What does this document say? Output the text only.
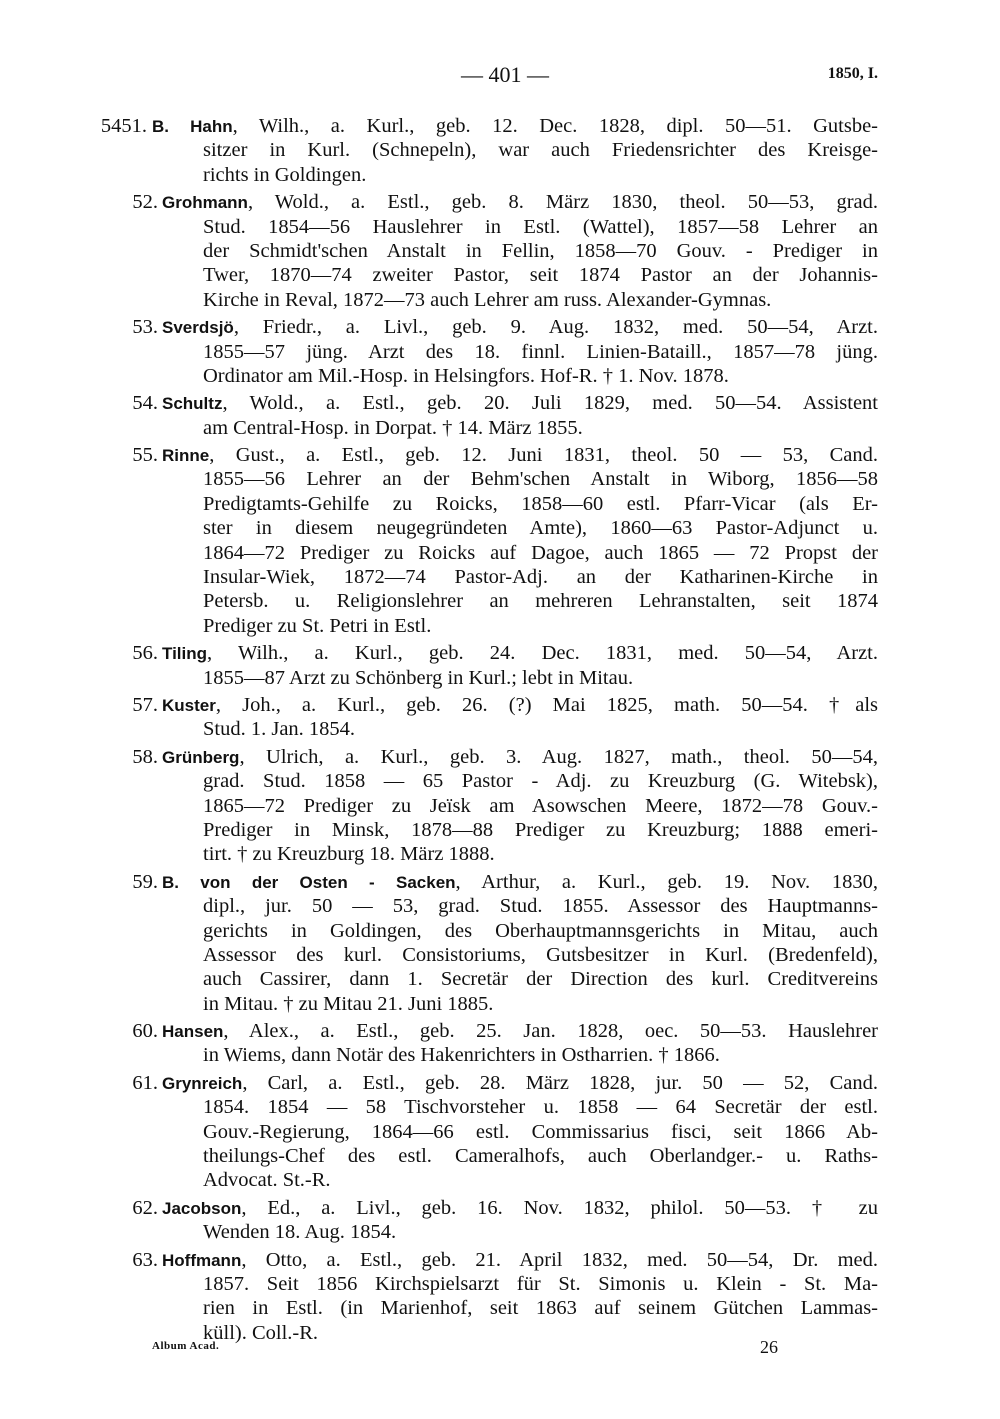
— 401 —	1850, I.
5451. B. Hahn, Wilh., a. Kurl., geb. 12. Dec. 1828, dipl. 50—51. Gutsbe-
sitzer in Kurl. (Schnepeln), war auch Friedensrichter des Kreisge-
richts in Goldingen.
52. Grohmann, Wold., a. Estl., geb. 8. März 1830, theol. 50—53, grad.
Stud. 1854—56 Hauslehrer in Estl. (Wattel), 1857—58 Lehrer an
der Schmidt'schen Anstalt in Fellin, 1858—70 Gouv. - Prediger in
Twer, 1870—74 zweiter Pastor, seit 1874 Pastor an der Johannis-
Kirche in Reval, 1872—73 auch Lehrer am russ. Alexander-Gymnas.
53. Sverdsjö, Friedr., a. Livl., geb. 9. Aug. 1832, med. 50—54, Arzt.
1855—57 jüng. Arzt des 18. finnl. Linien-Bataill., 1857—78 jüng.
Ordinator am Mil.-Hosp. in Helsingfors. Hof-R. † 1. Nov. 1878.
54. Schultz, Wold., a. Estl., geb. 20. Juli 1829, med. 50—54. Assistent
am Central-Hosp. in Dorpat. † 14. März 1855.
55. Rinne, Gust., a. Estl., geb. 12. Juni 1831, theol. 50 — 53, Cand.
1855—56 Lehrer an der Behm'schen Anstalt in Wiborg, 1856—58
Predigtamts-Gehilfe zu Roicks, 1858—60 estl. Pfarr-Vicar (als Er-
ster in diesem neugegründeten Amte), 1860—63 Pastor-Adjunct u.
1864—72 Prediger zu Roicks auf Dagoe, auch 1865 — 72 Propst der
Insular-Wiek, 1872—74 Pastor-Adj. an der Katharinen-Kirche in
Petersb. u. Religionslehrer an mehreren Lehranstalten, seit 1874
Prediger zu St. Petri in Estl.
56. Tiling, Wilh., a. Kurl., geb. 24. Dec. 1831, med. 50—54, Arzt.
1855—87 Arzt zu Schönberg in Kurl.; lebt in Mitau.
57. Kuster, Joh., a. Kurl., geb. 26. (?) Mai 1825, math. 50—54. †als
Stud. 1. Jan. 1854.
58. Grünberg, Ulrich, a. Kurl., geb. 3. Aug. 1827, math., theol. 50—54,
grad. Stud. 1858 — 65 Pastor - Adj. zu Kreuzburg (G. Witebsk),
1865—72 Prediger zu Jeïsk am Asowschen Meere, 1872—78 Gouv.-
Prediger in Minsk, 1878—88 Prediger zu Kreuzburg; 1888 emeri-
tirt. † zu Kreuzburg 18. März 1888.
59. B. von der Osten - Sacken, Arthur, a. Kurl., geb. 19. Nov. 1830,
dipl., jur. 50 — 53, grad. Stud. 1855. Assessor des Hauptmanns-
gerichts in Goldingen, des Oberhauptmannsgerichts in Mitau, auch
Assessor des kurl. Consistoriums, Gutsbesitzer in Kurl. (Bredenfeld),
auch Cassirer, dann 1. Secretär der Direction des kurl. Creditvereins
in Mitau. † zu Mitau 21. Juni 1885.
60. Hansen, Alex., a. Estl., geb. 25. Jan. 1828, oec. 50—53. Hauslehrer
in Wiems, dann Notär des Hakenrichters in Ostharrien. † 1866.
61. Grynreich, Carl, a. Estl., geb. 28. März 1828, jur. 50 — 52, Cand.
1854. 1854 — 58 Tischvorsteher u. 1858 — 64 Secretär der estl.
Gouv.-Regierung, 1864—66 estl. Commissarius fisci, seit 1866 Ab-
theilungs-Chef des estl. Cameralhofs, auch Oberlandger.- u. Raths-
Advocat. St.-R.
62. Jacobson, Ed., a. Livl., geb. 16. Nov. 1832, philol. 50—53. † zu
Wenden 18. Aug. 1854.
63. Hoffmann, Otto, a. Estl., geb. 21. April 1832, med. 50—54, Dr. med.
1857. Seit 1856 Kirchspielsarzt für St. Simonis u. Klein - St. Ma-
rien in Estl. (in Marienhof, seit 1863 auf seinem Gütchen Lammas-
küll). Coll.-R.
Album Acad.	26
